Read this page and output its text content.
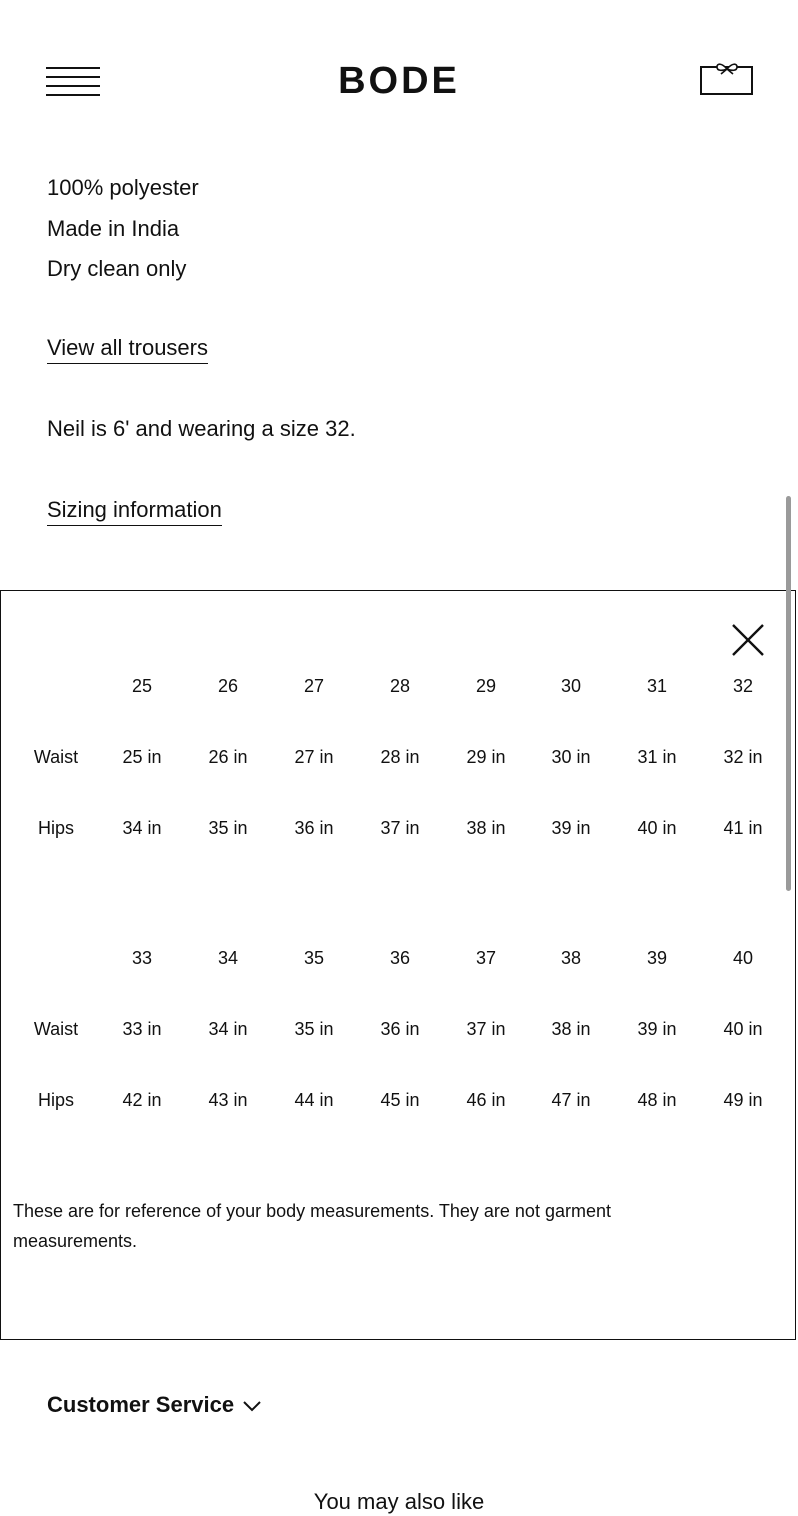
BODE
100% polyester
Made in India
Dry clean only
View all trousers
Neil is 6' and wearing a size 32.
Sizing information
25	26	27	28	29	30	31	32
Waist	25 in	26 in	27 in	28 in	29 in	30 in	31 in	32 in
Hips	34 in	35 in	36 in	37 in	38 in	39 in	40 in	41 in
33	34	35	36	37	38	39	40
Waist	33 in	34 in	35 in	36 in	37 in	38 in	39 in	40 in
Hips	42 in	43 in	44 in	45 in	46 in	47 in	48 in	49 in
These are for reference of your body measurements. They are not garment measurements.
Customer Service
You may also like
